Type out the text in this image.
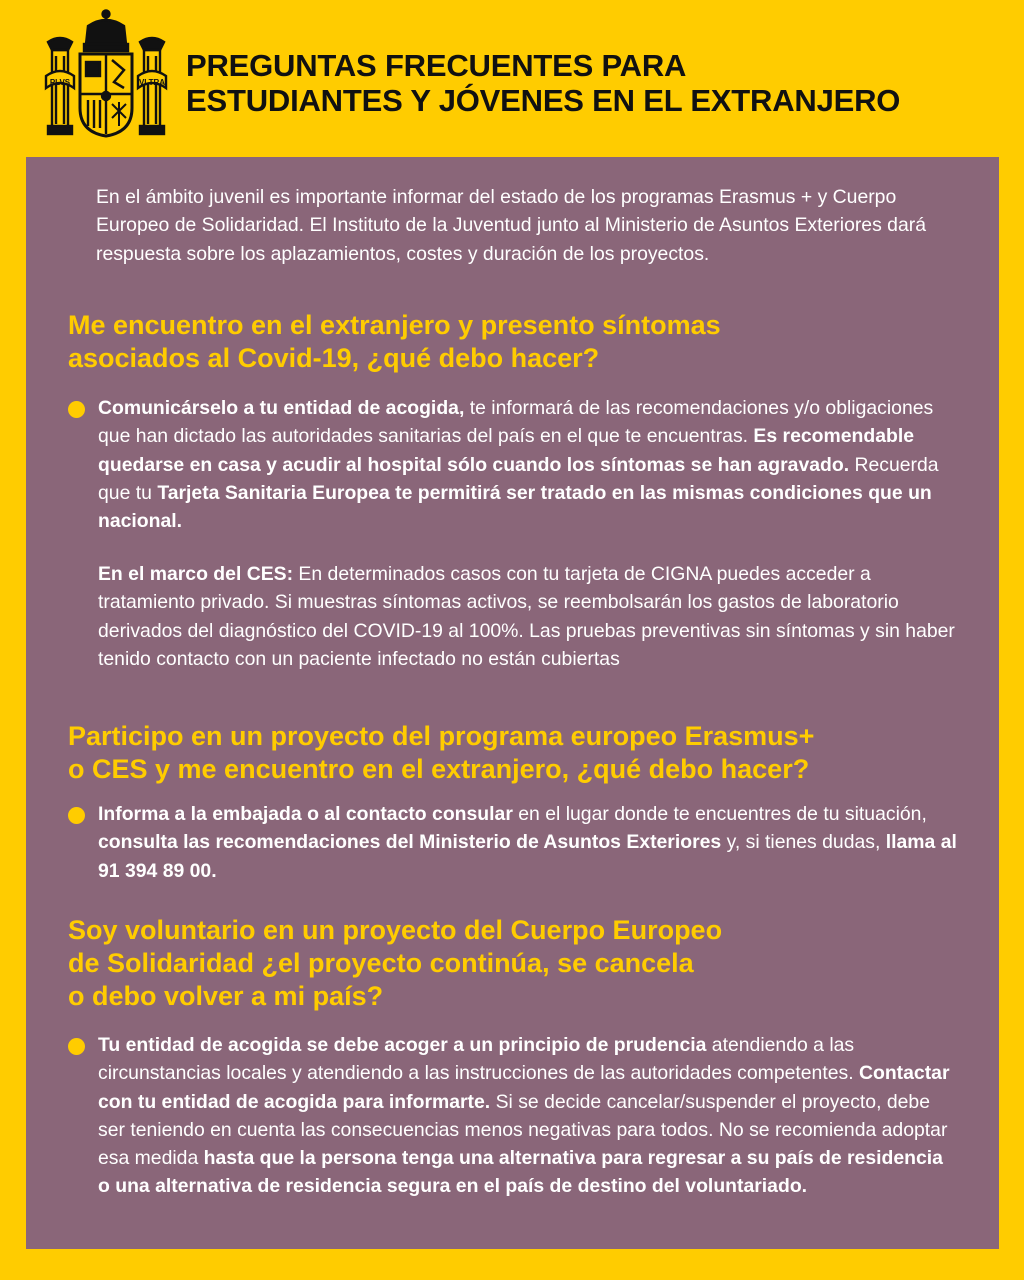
PLVS	VLTRA PREGUNTAS FRECUENTES PARA
ESTUDIANTES Y JÓVENES EN EL EXTRANJERO

En el ámbito juvenil es importante informar del estado de los programas Erasmus + y Cuerpo Europeo de Solidaridad. El Instituto de la Juventud junto al Ministerio de Asuntos Exteriores dará respuesta sobre los aplazamientos, costes y duración de los proyectos.

Me encuentro en el extranjero y presento síntomas
asociados al Covid-19, ¿qué debo hacer?

Comunicárselo a tu entidad de acogida, te informará de las recomendaciones y/o obligaciones que han dictado las autoridades sanitarias del país en el que te encuentras. Es recomendable quedarse en casa y acudir al hospital sólo cuando los síntomas se han agravado. Recuerda que tu Tarjeta Sanitaria Europea te permitirá ser tratado en las mismas condiciones que un nacional.

En el marco del CES: En determinados casos con tu tarjeta de CIGNA puedes acceder a tratamiento privado. Si muestras síntomas activos, se reembolsarán los gastos de laboratorio derivados del diagnóstico del COVID-19 al 100%. Las pruebas preventivas sin síntomas y sin haber tenido contacto con un paciente infectado no están cubiertas

Participo en un proyecto del programa europeo Erasmus+
o CES y me encuentro en el extranjero, ¿qué debo hacer?

Informa a la embajada o al contacto consular en el lugar donde te encuentres de tu situación, consulta las recomendaciones del Ministerio de Asuntos Exteriores y, si tienes dudas, llama al 91 394 89 00.

Soy voluntario en un proyecto del Cuerpo Europeo
de Solidaridad ¿el proyecto continúa, se cancela
o debo volver a mi país?

Tu entidad de acogida se debe acoger a un principio de prudencia atendiendo a las circunstancias locales y atendiendo a las instrucciones de las autoridades competentes. Contactar con tu entidad de acogida para informarte. Si se decide cancelar/suspender el proyecto, debe ser teniendo en cuenta las consecuencias menos negativas para todos. No se recomienda adoptar esa medida hasta que la persona tenga una alternativa para regresar a su país de residencia o una alternativa de residencia segura en el país de destino del voluntariado.
